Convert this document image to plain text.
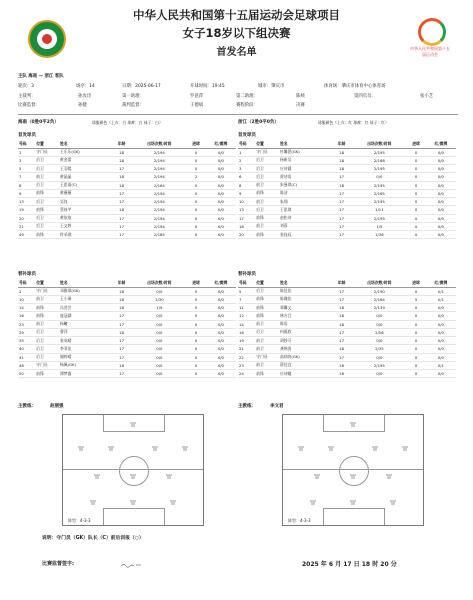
中华人民共和国第十五届运动会
中华人民共和国第十五届运动会足球项目
女子18岁以下组决赛
首发名单
主队 海南 — 浙江 客队
轮次：3	场序：14	日期：2025-06-17	开球时间：19:45	城市：肇庆市	体育场：肇庆市体育中心体育场
主裁判：	孙汝诗	第一助理：	罗意萍	第二助理：	陈桢	第四官员：	张小艺
比赛监督：	孙健	裁判监督：	王德斌	赛程阶段：	决赛
海南（0胜0平2负）	球服颜色（上衣：白 球裤：白 袜子：白）	浙江（2胜0平0负）	球服颜色（上衣：红 球裤：红 袜子：红）
首发球员	首发球员
号码	位置	姓名	年龄	出场次数/时间	进球	红/黄牌
1	守门员	王乐乐(GK)	18	2/194	0	0/0
3	后卫	黄金蕾	18	2/194	0	0/0
5	后卫	王羽嫣	17	2/194	0	0/0
7	前卫	黄晶晶	18	2/194	2	0/0
8	后卫	王思雨(C)	18	2/164	0	0/0
9	前锋	黄薇薇	17	2/194	0	0/0
13	后卫	吴钰	17	2/194	0	0/0
19	前锋	蔡丝芊	18	2/194	0	0/0
20	后卫	黄依依	17	2/194	0	0/0
21	后卫	王文婷	17	2/194	0	0/0
49	前锋	符采琪	17	2/185	0	0/0
号码	位置	姓名	年龄	出场次数/时间	进球	红/黄牌
1	守门员	杜馨恩(GK)	18	2/195	0	0/0
2	后卫	杨新吴	18	2/168	0	0/0
3	后卫	应诗涵	18	2/195	0	0/0
6	后卫	贾诗语	17	0/0	0	0/0
8	前卫	朱曼琪(C)	18	2/195	0	0/0
9	前锋	陈洁	17	2/165	0	0/0
10	前卫	朱翔	17	2/195	0	0/0
13	后卫	王思琪	17	1/11	0	0/0
17	前锋	赵松诗	17	2/195	0	0/0
18	前卫	刘蓉	17	1/5	0	0/0
20	前锋	张钰珏	17	1/36	0	0/0
替补球员	替补球员
号码	位置	姓名	年龄	出场次数/时间	进球	红/黄牌
2	守门员	邓雅琪(GK)	18	0/0	0	0/0
10	前卫	王小瑛	18	1/30	0	0/0
14	前锋	冯誉芸	18	1/9	0	0/0
16	前锋	庞冠涵	17	0/0	0	0/0
23	前卫	杨曦	17	0/0	0	0/0
29	后卫	曹萍	18	0/0	0	0/0
35	后卫	张英晴	17	0/0	0	0/0
40	后卫	李菲佳	17	0/0	0	0/0
41	后卫	谢梓晴	17	0/0	0	0/0
48	守门员	杨佩(GK)	18	0/0	0	0/0
50	前锋	谭梦露	17	0/0	0	0/0
号码	位置	姓名	年龄	出场次数/时间	进球	红/黄牌
5	后卫	陈佳佳	17	2/190	0	0/1
7	前锋	陈瑰佳	17	2/164	5	0/1
11	前锋	郑馨文	18	2/139	0	0/0
12	前锋	林方吕	18	0/0	0	0/0
14	前卫	陈语	18	0/0	0	0/0
16	后卫	何燕欣	17	2/56	0	0/0
19	前卫	胡钞可	17	0/0	0	0/0
21	前卫	龚锦涛	18	2/35	0	0/0
22	守门员	高翊冉(GK)	17	0/0	0	0/0
23	前卫	薛佳宜	18	2/195	0	0/1
24	前锋	应诗睫	18	0/0	0	0/0
主教练：	赵丽强	主教练：	李文君
阵型：4-3-3	阵型：4-3-3
说明：守门员（GK）队长（C）前后训报（○）
比赛监督签字:	2025 年 6 月 17 日 18 时 20 分
